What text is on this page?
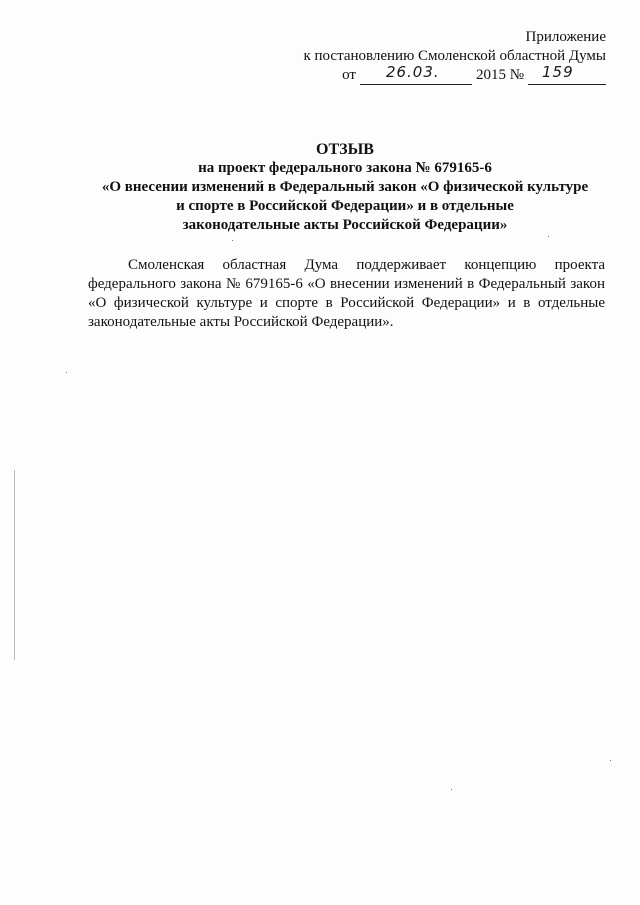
Приложение
к постановлению Смоленской областной Думы
от 26.03. 2015 № 159
ОТЗЫВ
на проект федерального закона № 679165-6
«О внесении изменений в Федеральный закон «О физической культуре
и спорте в Российской Федерации» и в отдельные
законодательные акты Российской Федерации»
Смоленская областная Дума поддерживает концепцию проекта федерального закона № 679165-6 «О внесении изменений в Федеральный закон «О физической культуре и спорте в Российской Федерации» и в отдельные законодательные акты Российской Федерации».
